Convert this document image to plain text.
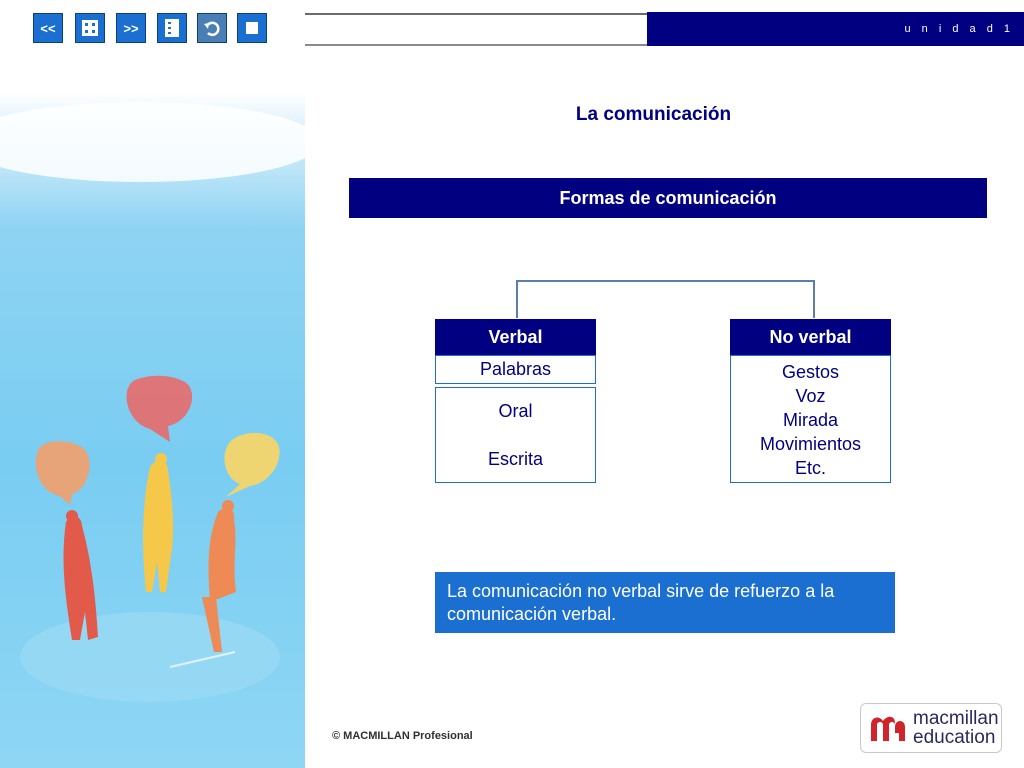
<<	>>	u n i d a d 1
La comunicación
Formas de comunicación
Verbal
Palabras
Oral
Escrita
No verbal
Gestos
Voz
Mirada
Movimientos
Etc.
La comunicación no verbal sirve de refuerzo a la comunicación verbal.
© MACMILLAN Profesional
macmillan
education
